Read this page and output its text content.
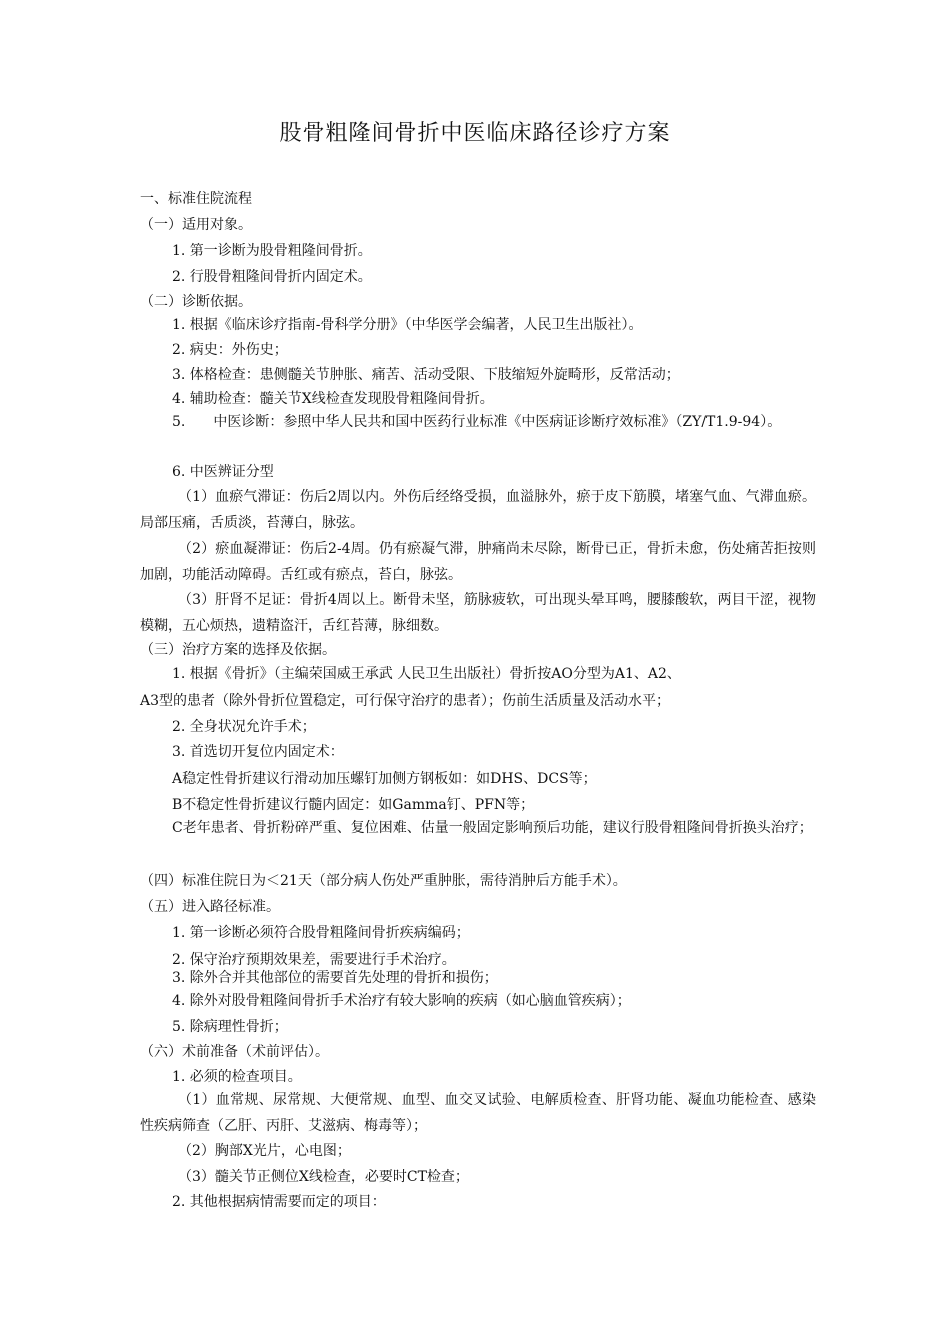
股骨粗隆间骨折中医临床路径诊疗方案
一、标准住院流程
（一）适用对象。
1. 第一诊断为股骨粗隆间骨折。
2. 行股骨粗隆间骨折内固定术。
（二）诊断依据。
1. 根据《临床诊疗指南-骨科学分册》（中华医学会编著，人民卫生出版社）。
2. 病史：外伤史；
3. 体格检查：患侧髓关节肿胀、痛苦、活动受限、下肢缩短外旋畸形，反常活动；
4. 辅助检查：髓关节X线检查发现股骨粗隆间骨折。
5.　　中医诊断：参照中华人民共和国中医药行业标准《中医病证诊断疗效标准》（ZY/T1.9-94）。
6. 中医辨证分型
（1）血瘀气滞证：伤后2周以内。外伤后经络受损，血溢脉外，瘀于皮下筋膜，堵塞气血、气滞血瘀。局部压痛，舌质淡，苔薄白，脉弦。
（2）瘀血凝滞证：伤后2-4周。仍有瘀凝气滞，肿痛尚未尽除，断骨已正，骨折未愈，伤处痛苦拒按则加剧，功能活动障碍。舌红或有瘀点，苔白，脉弦。
（3）肝肾不足证：骨折4周以上。断骨未坚，筋脉疲软，可出现头晕耳鸣，腰膝酸软，两目干涩，视物模糊，五心烦热，遗精盗汗，舌红苔薄，脉细数。
（三）治疗方案的选择及依据。
1. 根据《骨折》（主编荣国威王承武 人民卫生出版社）骨折按AO分型为A1、A2、
A3型的患者（除外骨折位置稳定，可行保守治疗的患者）；伤前生活质量及活动水平；
2. 全身状况允许手术；
3. 首选切开复位内固定术：
A稳定性骨折建议行滑动加压螺钉加侧方钢板如：如DHS、DCS等；
B不稳定性骨折建议行髓内固定：如Gamma钉、PFN等；
C老年患者、骨折粉碎严重、复位困难、估量一般固定影响预后功能，建议行股骨粗隆间骨折换头治疗；
（四）标准住院日为＜21天（部分病人伤处严重肿胀，需待消肿后方能手术）。
（五）进入路径标准。
1. 第一诊断必须符合股骨粗隆间骨折疾病编码；
2. 保守治疗预期效果差，需要进行手术治疗。
3. 除外合并其他部位的需要首先处理的骨折和损伤；
4. 除外对股骨粗隆间骨折手术治疗有较大影响的疾病（如心脑血管疾病）；
5. 除病理性骨折；
（六）术前准备（术前评估）。
1. 必须的检查项目。
（1）血常规、尿常规、大便常规、血型、血交叉试验、电解质检查、肝肾功能、凝血功能检查、感染性疾病筛查（乙肝、丙肝、艾滋病、梅毒等）；
（2）胸部X光片，心电图；
（3）髓关节正侧位X线检查，必要时CT检查；
2. 其他根据病情需要而定的项目：
